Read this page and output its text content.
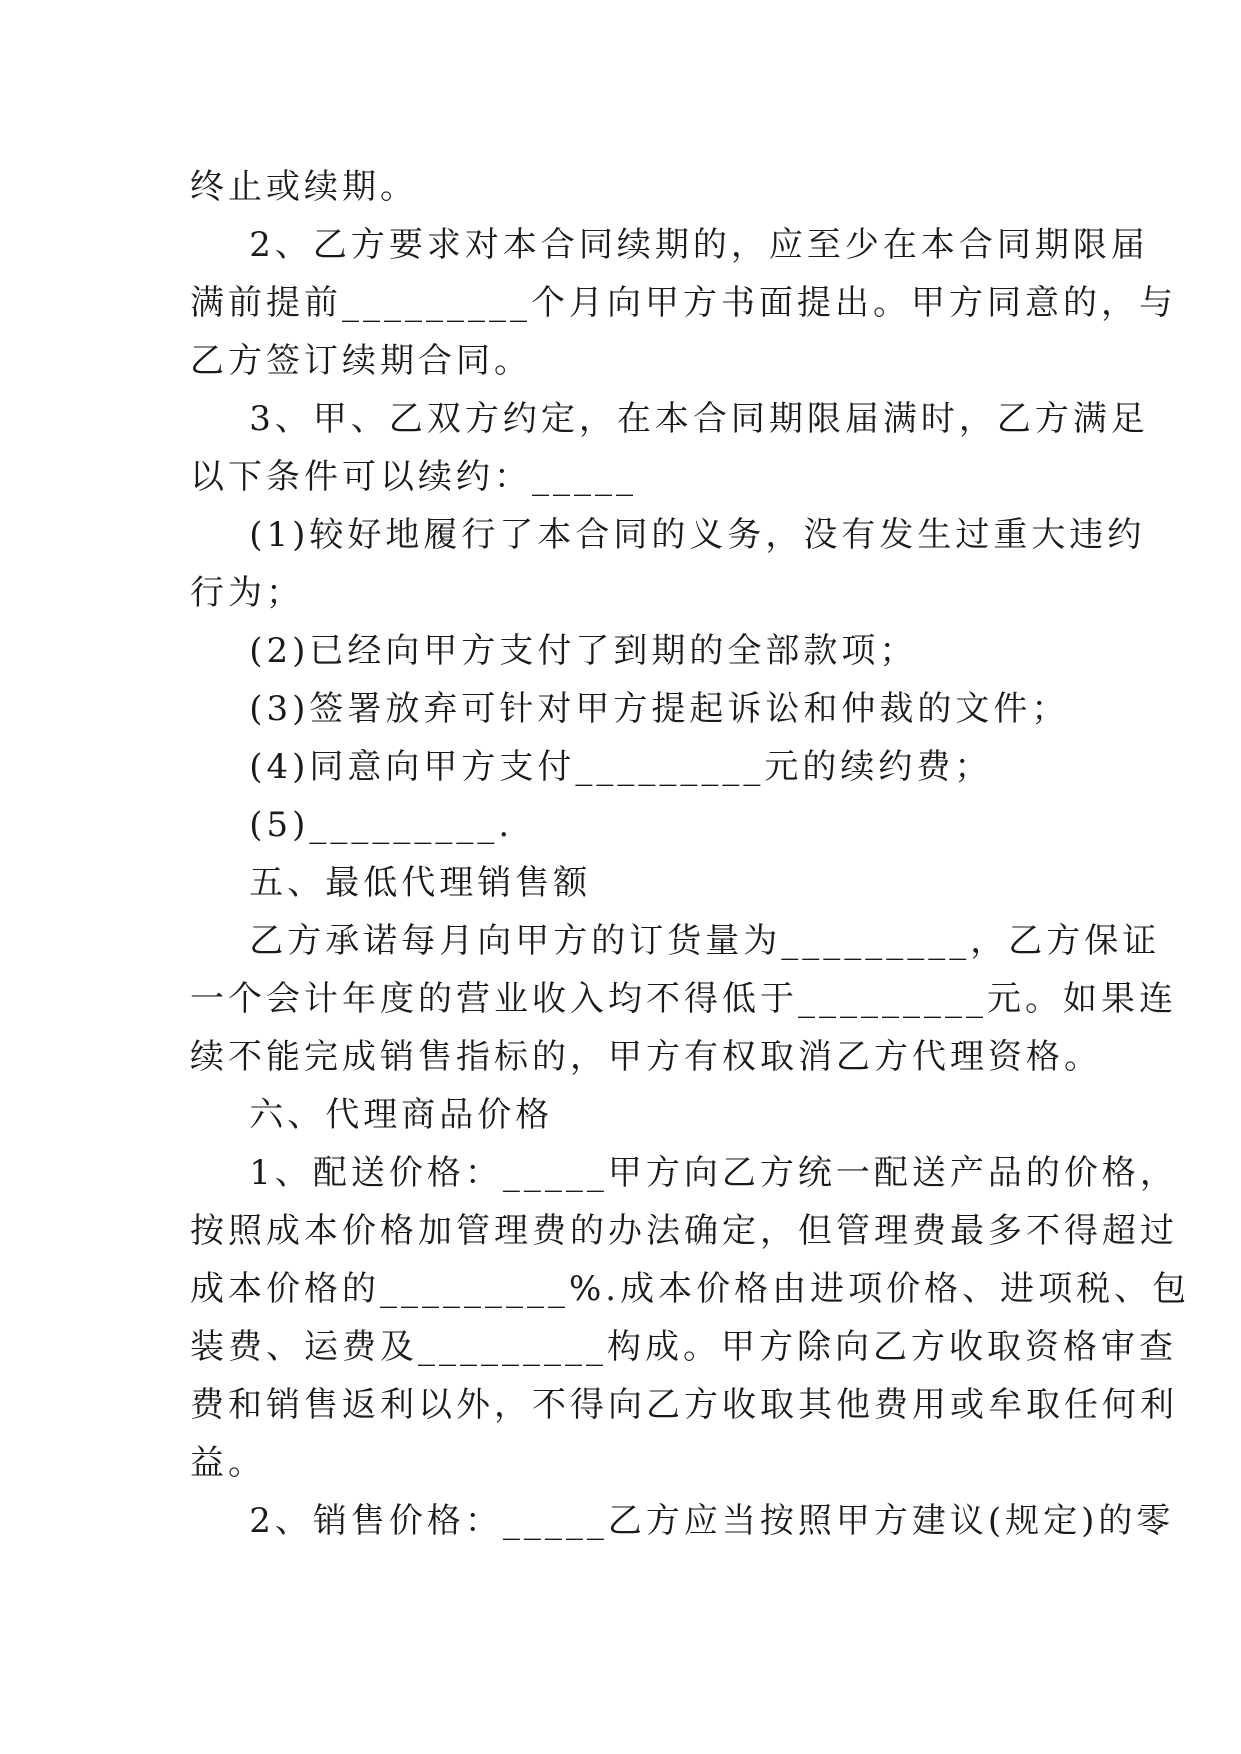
终止或续期。
2、乙方要求对本合同续期的，应至少在本合同期限届
满前提前_________个月向甲方书面提出。甲方同意的，与
乙方签订续期合同。
3、甲、乙双方约定，在本合同期限届满时，乙方满足
以下条件可以续约：_____
(1)较好地履行了本合同的义务，没有发生过重大违约
行为；
(2)已经向甲方支付了到期的全部款项；
(3)签署放弃可针对甲方提起诉讼和仲裁的文件；
(4)同意向甲方支付_________元的续约费；
(5)_________.
五、最低代理销售额
乙方承诺每月向甲方的订货量为_________，乙方保证
一个会计年度的营业收入均不得低于_________元。如果连
续不能完成销售指标的，甲方有权取消乙方代理资格。
六、代理商品价格
1、配送价格：_____甲方向乙方统一配送产品的价格，
按照成本价格加管理费的办法确定，但管理费最多不得超过
成本价格的_________%.成本价格由进项价格、进项税、包
装费、运费及_________构成。甲方除向乙方收取资格审查
费和销售返利以外，不得向乙方收取其他费用或牟取任何利
益。
2、销售价格：_____乙方应当按照甲方建议(规定)的零
